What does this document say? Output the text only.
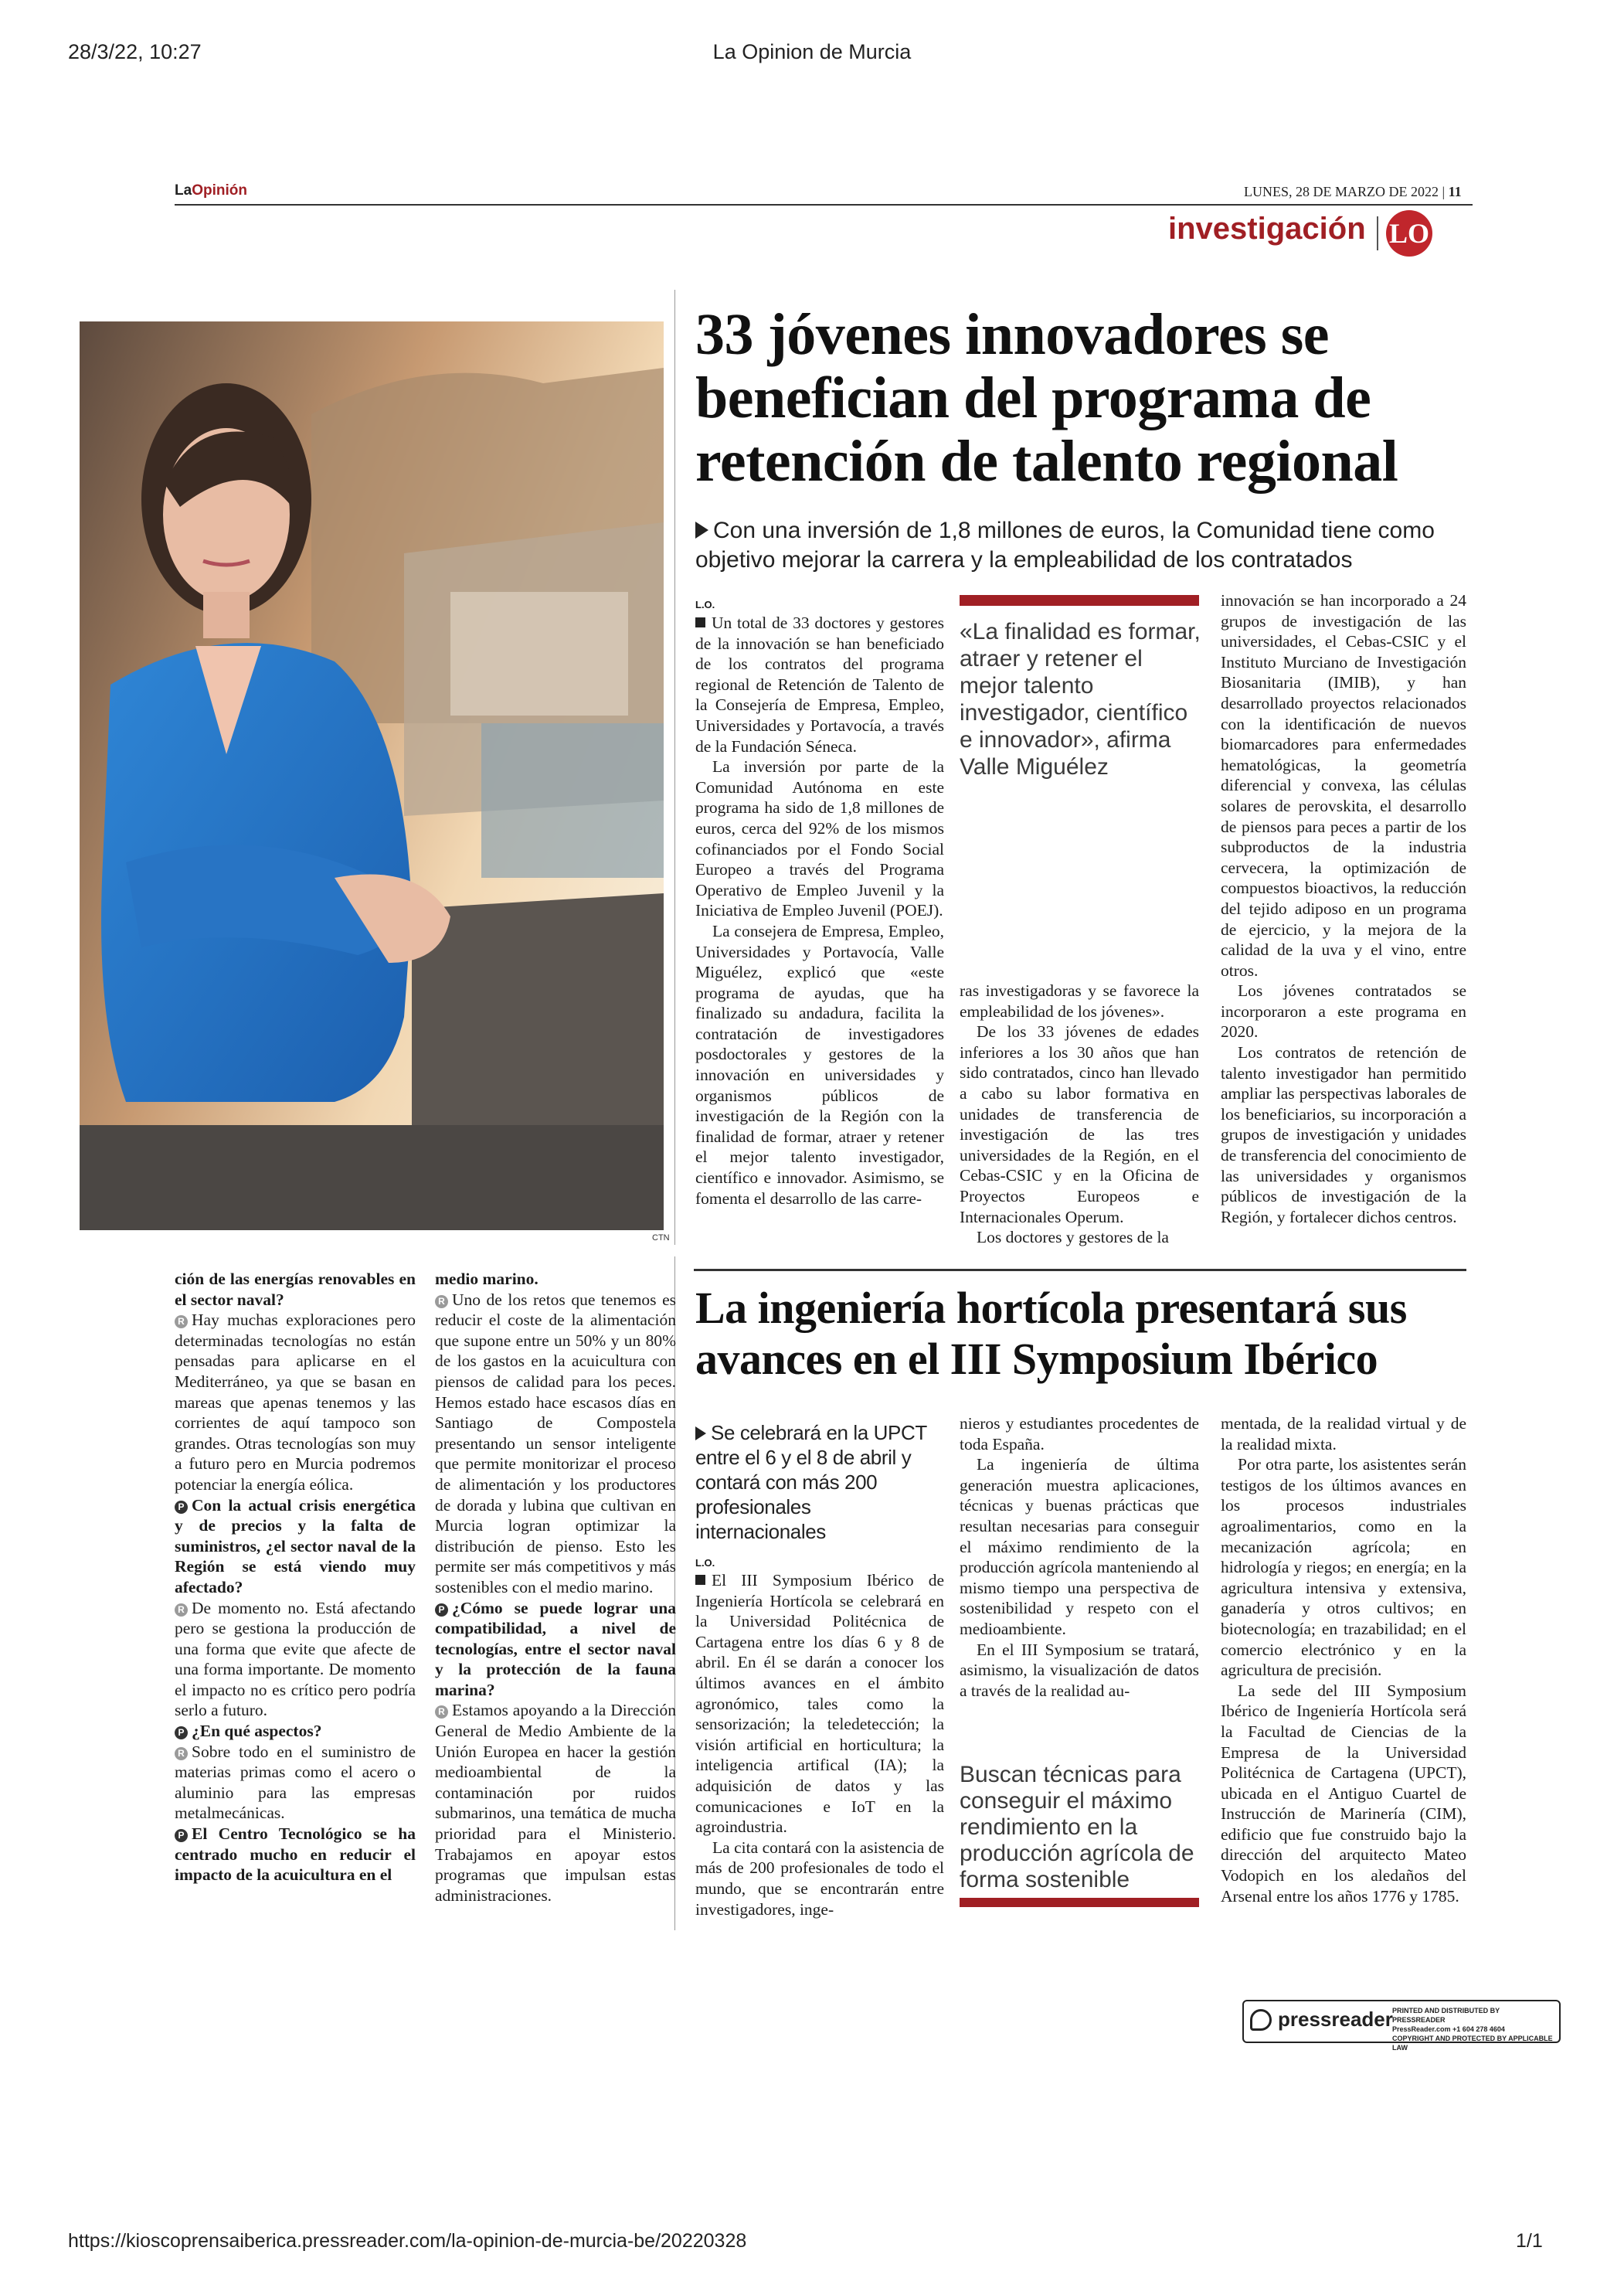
28/3/22, 10:27	La Opinion de Murcia
https://kioscoprensaiberica.pressreader.com/la-opinion-de-murcia-be/20220328	1/1
LaOpinión	LUNES, 28 DE MARZO DE 2022 | 11
investigación LO
CTN
33 jóvenes innovadores se
benefician del programa de
retención de talento regional
Con una inversión de 1,8 millones de euros, la Comunidad tiene como
objetivo mejorar la carrera y la empleabilidad de los contratados
L.O.

Un total de 33 doctores y gestores de la innovación se han beneficiado de los contratos del programa regional de Retención de Talento de la Consejería de Empresa, Empleo, Universidades y Portavocía, a través de la Fundación Séneca.

La inversión por parte de la Comunidad Autónoma en este programa ha sido de 1,8 millones de euros, cerca del 92% de los mismos cofinanciados por el Fondo Social Europeo a través del Programa Operativo de Empleo Juvenil y la Iniciativa de Empleo Juvenil (POEJ).

La consejera de Empresa, Empleo, Universidades y Portavocía, Valle Miguélez, explicó que «este programa de ayudas, que ha finalizado su andadura, facilita la contratación de investigadores posdoctorales y gestores de la innovación en universidades y organismos públicos de investigación de la Región con la finalidad de formar, atraer y retener el mejor talento investigador, científico e innovador. Asimismo, se fomenta el desarrollo de las carre-

«La finalidad es formar, atraer y retener el mejor talento investigador, científico e innovador», afirma Valle Miguélez

ras investigadoras y se favorece la empleabilidad de los jóvenes».

De los 33 jóvenes de edades inferiores a los 30 años que han sido contratados, cinco han llevado a cabo su labor formativa en unidades de transferencia de investigación de las tres universidades de la Región, en el Cebas-CSIC y en la Oficina de Proyectos Europeos e Internacionales Operum.

Los doctores y gestores de la

innovación se han incorporado a 24 grupos de investigación de las universidades, el Cebas-CSIC y el Instituto Murciano de Investigación Biosanitaria (IMIB), y han desarrollado proyectos relacionados con la identificación de nuevos biomarcadores para enfermedades hematológicas, la geometría diferencial y convexa, las células solares de perovskita, el desarrollo de piensos para peces a partir de los subproductos de la industria cervecera, la optimización de compuestos bioactivos, la reducción del tejido adiposo en un programa de ejercicio, y la mejora de la calidad de la uva y el vino, entre otros.

Los jóvenes contratados se incorporaron a este programa en 2020.

Los contratos de retención de talento investigador han permitido ampliar las perspectivas laborales de los beneficiarios, su incorporación a grupos de investigación y unidades de transferencia del conocimiento de las universidades y organismos públicos de investigación de la Región, y fortalecer dichos centros.

ción de las energías renovables en el sector naval?

R Hay muchas exploraciones pero determinadas tecnologías no están pensadas para aplicarse en el Mediterráneo, ya que se basan en mareas que apenas tenemos y las corrientes de aquí tampoco son grandes. Otras tecnologías son muy a futuro pero en Murcia podremos potenciar la energía eólica.

P Con la actual crisis energética y de precios y la falta de suministros, ¿el sector naval de la Región se está viendo muy afectado?

R De momento no. Está afectando pero se gestiona la producción de una forma que evite que afecte de una forma importante. De momento el impacto no es crítico pero podría serlo a futuro.

P ¿En qué aspectos?

R Sobre todo en el suministro de materias primas como el acero o aluminio para las empresas metalmecánicas.

P El Centro Tecnológico se ha centrado mucho en reducir el impacto de la acuicultura en el

medio marino.

R Uno de los retos que tenemos es reducir el coste de la alimentación que supone entre un 50% y un 80% de los gastos en la acuicultura con piensos de calidad para los peces. Hemos estado hace escasos días en Santiago de Compostela presentando un sensor inteligente que permite monitorizar el proceso de alimentación y los productores de dorada y lubina que cultivan en Murcia logran optimizar la distribución de pienso. Esto les permite ser más competitivos y más sostenibles con el medio marino.

P ¿Cómo se puede lograr una compatibilidad, a nivel de tecnologías, entre el sector naval y la protección de la fauna marina?

R Estamos apoyando a la Dirección General de Medio Ambiente de la Unión Europea en hacer la gestión medioambiental de la contaminación por ruidos submarinos, una temática de mucha prioridad para el Ministerio. Trabajamos en apoyar estos programas que impulsan estas administraciones.

La ingeniería hortícola presentará sus
avances en el III Symposium Ibérico
Se celebrará en la UPCT entre el 6 y el 8 de abril y contará con más 200 profesionales internacionales
L.O.

El III Symposium Ibérico de Ingeniería Hortícola se celebrará en la Universidad Politécnica de Cartagena entre los días 6 y 8 de abril. En él se darán a conocer los últimos avances en el ámbito agronómico, tales como la sensorización; la teledetección; la visión artificial en horticultura; la inteligencia artifical (IA); la adquisición de datos y las comunicaciones e IoT en la agroindustria.

La cita contará con la asistencia de más de 200 profesionales de todo el mundo, que se encontrarán entre investigadores, inge-

nieros y estudiantes procedentes de toda España.

La ingeniería de última generación muestra aplicaciones, técnicas y buenas prácticas que resultan necesarias para conseguir el máximo rendimiento de la producción agrícola manteniendo al mismo tiempo una perspectiva de sostenibilidad y respeto con el medioambiente.

En el III Symposium se tratará, asimismo, la visualización de datos a través de la realidad au-

Buscan técnicas para conseguir el máximo rendimiento en la producción agrícola de forma sostenible

mentada, de la realidad virtual y de la realidad mixta.

Por otra parte, los asistentes serán testigos de los últimos avances en los procesos industriales agroalimentarios, como en la mecanización agrícola; en hidrología y riegos; en energía; en la agricultura intensiva y extensiva, ganadería y otros cultivos; en biotecnología; en trazabilidad; en el comercio electrónico y en la agricultura de precisión.

La sede del III Symposium Ibérico de Ingeniería Hortícola será la Facultad de Ciencias de la Empresa de la Universidad Politécnica de Cartagena (UPCT), ubicada en el Antiguo Cuartel de Instrucción de Marinería (CIM), edificio que fue construido bajo la dirección del arquitecto Mateo Vodopich en los aledaños del Arsenal entre los años 1776 y 1785.

pressreader PRINTED AND DISTRIBUTED BY PRESSREADER
PressReader.com +1 604 278 4604
COPYRIGHT AND PROTECTED BY APPLICABLE LAW
